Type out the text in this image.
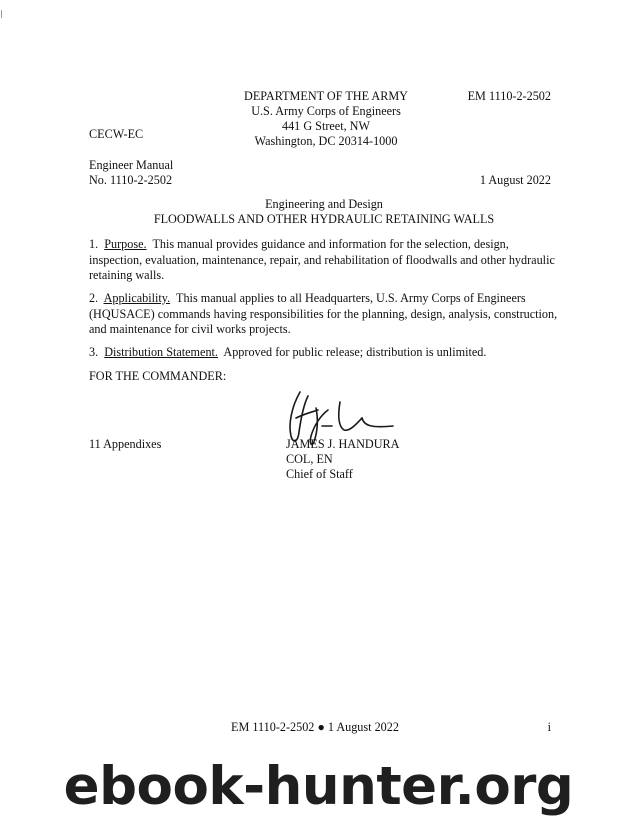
DEPARTMENT OF THE ARMY
U.S. Army Corps of Engineers
441 G Street, NW
Washington, DC 20314-1000
EM 1110-2-2502
CECW-EC
Engineer Manual
No. 1110-2-2502	1 August 2022
Engineering and Design
FLOODWALLS AND OTHER HYDRAULIC RETAINING WALLS
1. Purpose. This manual provides guidance and information for the selection, design, inspection, evaluation, maintenance, repair, and rehabilitation of floodwalls and other hydraulic retaining walls.
2. Applicability. This manual applies to all Headquarters, U.S. Army Corps of Engineers (HQUSACE) commands having responsibilities for the planning, design, analysis, construction, and maintenance for civil works projects.
3. Distribution Statement. Approved for public release; distribution is unlimited.
FOR THE COMMANDER:
11 Appendixes	JAMES J. HANDURA
COL, EN
Chief of Staff
EM 1110-2-2502 ● 1 August 2022	i
ebook-hunter.org
